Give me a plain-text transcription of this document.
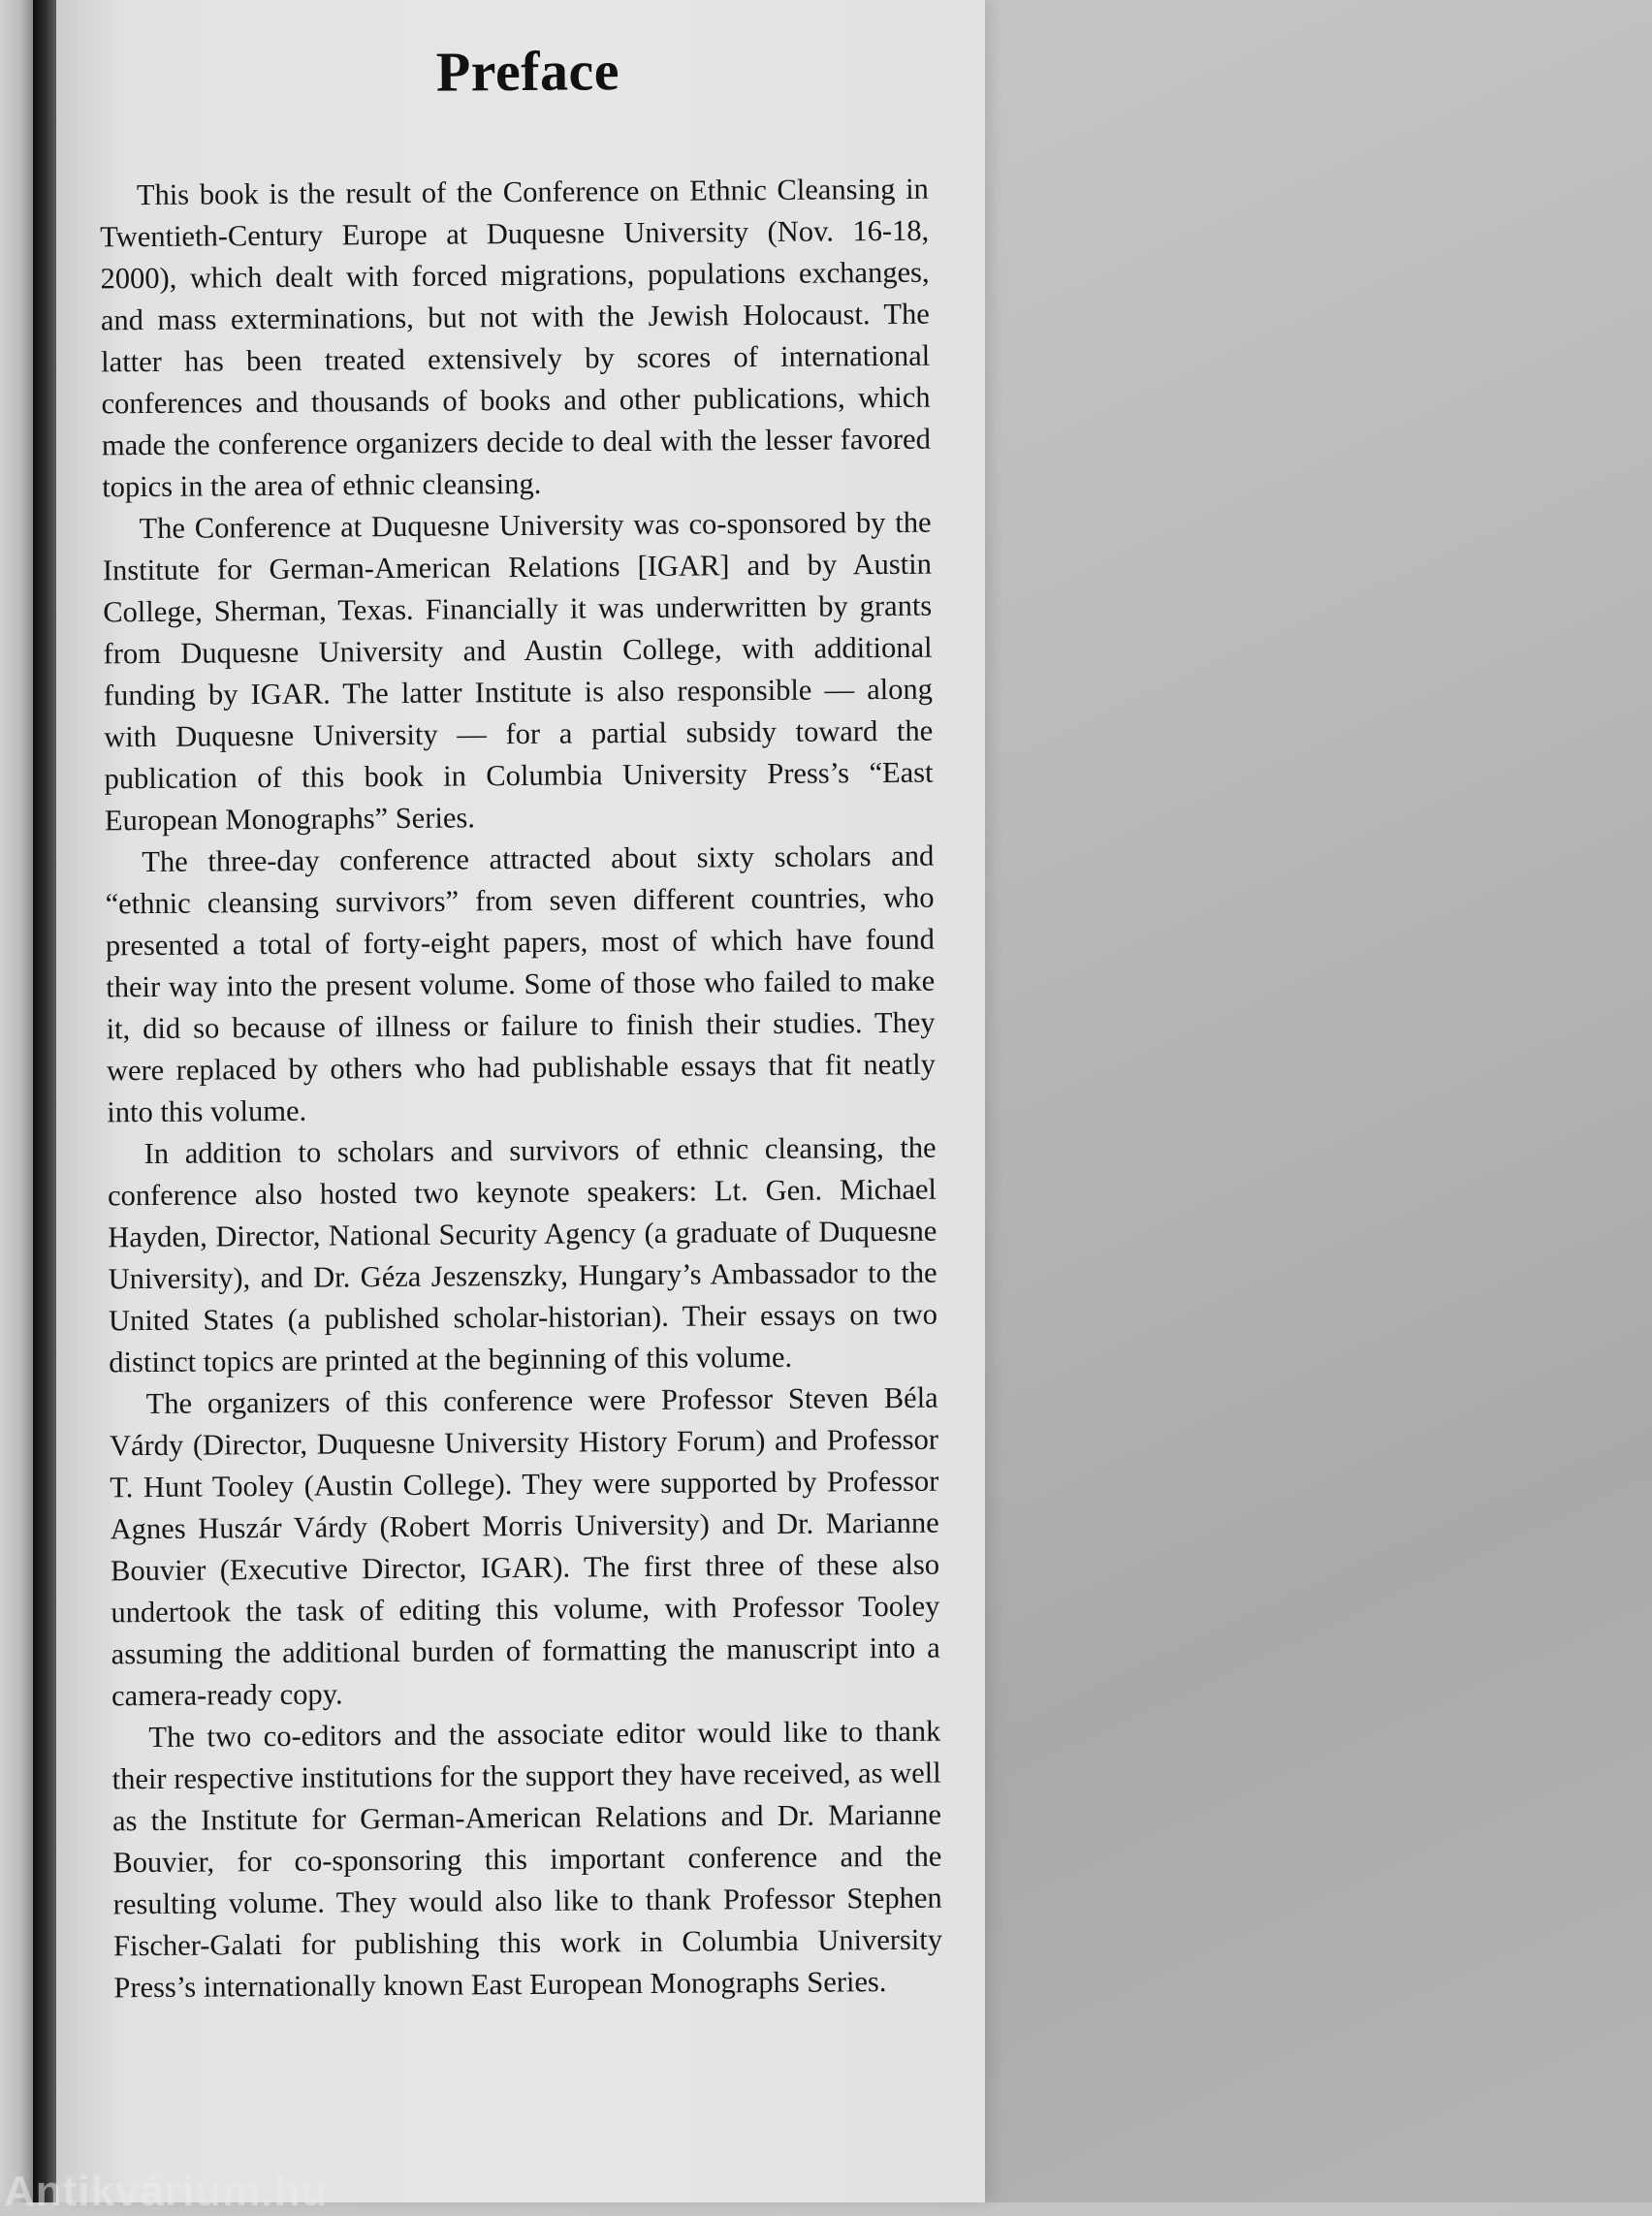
Preface

This book is the result of the Conference on Ethnic Cleansing in Twentieth-Century Europe at Duquesne University (Nov. 16-18, 2000), which dealt with forced migrations, populations exchanges, and mass exterminations, but not with the Jewish Holocaust. The latter has been treated extensively by scores of international conferences and thousands of books and other publications, which made the conference organizers decide to deal with the lesser favored topics in the area of ethnic cleansing.

The Conference at Duquesne University was co-sponsored by the Institute for German-American Relations [IGAR] and by Austin College, Sherman, Texas. Financially it was underwritten by grants from Duquesne University and Austin College, with additional funding by IGAR. The latter Institute is also responsible — along with Duquesne University — for a partial subsidy toward the publication of this book in Columbia University Press’s “East European Monographs” Series.

The three-day conference attracted about sixty scholars and “ethnic cleansing survivors” from seven different countries, who presented a total of forty-eight papers, most of which have found their way into the present volume. Some of those who failed to make it, did so because of illness or failure to finish their studies. They were replaced by others who had publishable essays that fit neatly into this volume.

In addition to scholars and survivors of ethnic cleansing, the conference also hosted two keynote speakers: Lt. Gen. Michael Hayden, Director, National Security Agency (a graduate of Duquesne University), and Dr. Géza Jeszenszky, Hungary’s Ambassador to the United States (a published scholar-historian). Their essays on two distinct topics are printed at the beginning of this volume.

The organizers of this conference were Professor Steven Béla Várdy (Director, Duquesne University History Forum) and Professor T. Hunt Tooley (Austin College). They were supported by Professor Agnes Huszár Várdy (Robert Morris University) and Dr. Marianne Bouvier (Executive Director, IGAR). The first three of these also undertook the task of editing this volume, with Professor Tooley assuming the additional burden of formatting the manuscript into a camera-ready copy.

The two co-editors and the associate editor would like to thank their respective institutions for the support they have received, as well as the Institute for German-American Relations and Dr. Marianne Bouvier, for co-sponsoring this important conference and the resulting volume. They would also like to thank Professor Stephen Fischer-Galati for publishing this work in Columbia University Press’s internationally known East European Monographs Series.

Antikvárium.hu
